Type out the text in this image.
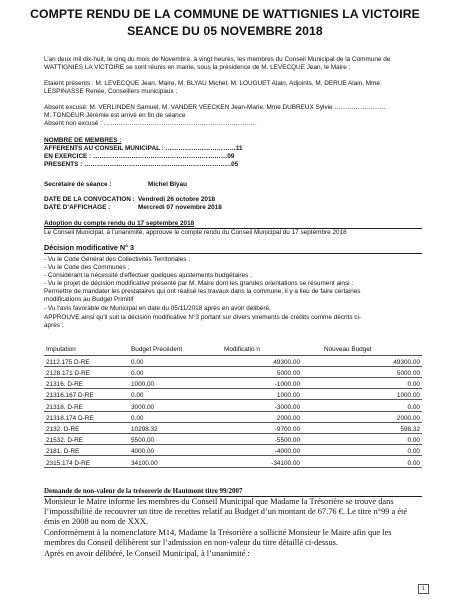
COMPTE RENDU DE LA COMMUNE DE WATTIGNIES LA VICTOIRE
SEANCE DU 05 NOVEMBRE 2018
L’an deux mil dix-huit, le cinq du mois de Novembre, à vingt heures, les membres du Conseil Municipal de la Commune de
WATTIGNIES LA VICTOIRE se sont réunis en mairie, sous la présidence de M. LEVECQUE Jean, le Maire ;
Etaient présents : M. LEVECQUE Jean, Maire, M. BLYAU Michel, M. LOUGUET Alain, Adjoints, M. DERUE Alain, Mme.
LESPINASSE Renée, Conseillers municipaux ;
Absent excusé: M. VERLINDEN Samuel, M. VANDER VEECKEN Jean-Marie, Mme DUBREUX Sylvie ……………………
M. TONDEUR Jérémie est arrivé en fin de séance
Absent non excusé : ………………………………………………………………
NOMBRE DE MEMBRES :
AFFERENTS AU CONSEIL MUNICIPAL : ……………………………11
EN EXERCICE : ………………………………………………………09
PRESENTS : ……………………………………………………………05
Secrétaire de séance :	Michel Blyau
DATE DE LA CONVOCATION : Vendredi 26 octobre 2018
DATE D’AFFICHAGE :	Mercredi 07 novembre 2018
Adoption du compte rendu du 17 septembre 2018
Le Conseil Municipal, à l’unanimité, approuve le compte rendu du Conseil Municipal du 17 septembre 2018
Décision modificative N° 3
- Vu le Code Général des Collectivités Territoriales ;
- Vu le Code des Communes ;
- Considérant la nécessité d'effectuer quelques ajustements budgétaires ;
- Vu le projet de décision modificative présenté par M. Maire dont les grandes orientations se résument ainsi :
Permettre de mandater les prestataires qui ont réalisé les travaux dans la commune, il y a lieu de faire certaines
modifications au Budget Primitif
- Vu l'avis favorable de Municipal en date du 05/11/2018 après en avoir délibéré,
APPROUVE ainsi qu'il suit la décision modificative N°3 portant sur divers virements de crédits comme décrits ci-
après :
Imputation	Budget Précédent	Modificatio n	Nouveau Budget
2112.175 D-RE	0.00	49300.00	49300.00
2128.171 D-RE	0.00	5000.00	5000.00
21316. D-RE	1000.00	-1000.00	0.00
21316.167 D-RE	0.00	1000.00	1000.00
21318. D-RE	3000.00	-3000.00	0.00
21318.174 D-RE	0.00	2000.00	2000.00
2132. D-RE	10298.32	-9700.00	598.32
21532. D-RE	5500.00	-5500.00	0.00
2181. D-RE	4000.00	-4000.00	0.00
2315.174 D-RE	34100.00	-34100.00	0.00
Demande de non-valeur de la trésorerie de Hautmont titre 99/2007
Monsieur le Maire informe les membres du Conseil Municipal que Madame la Trésorière se trouve dans l’impossibilité de recouvrer un titre de recettes relatif au Budget d’un montant de 67.76 €. Le titre n°99 a été émis en 2008 au nom de XXX.
Conformément à la nomenclature M14, Madame la Trésorière a sollicité Monsieur le Maire afin que les membres du Conseil délibèrent sur l’admission en non-valeur du titre détaillé ci-dessus.
Après en avoir délibéré, le Conseil Municipal, à l’unanimité :
1
